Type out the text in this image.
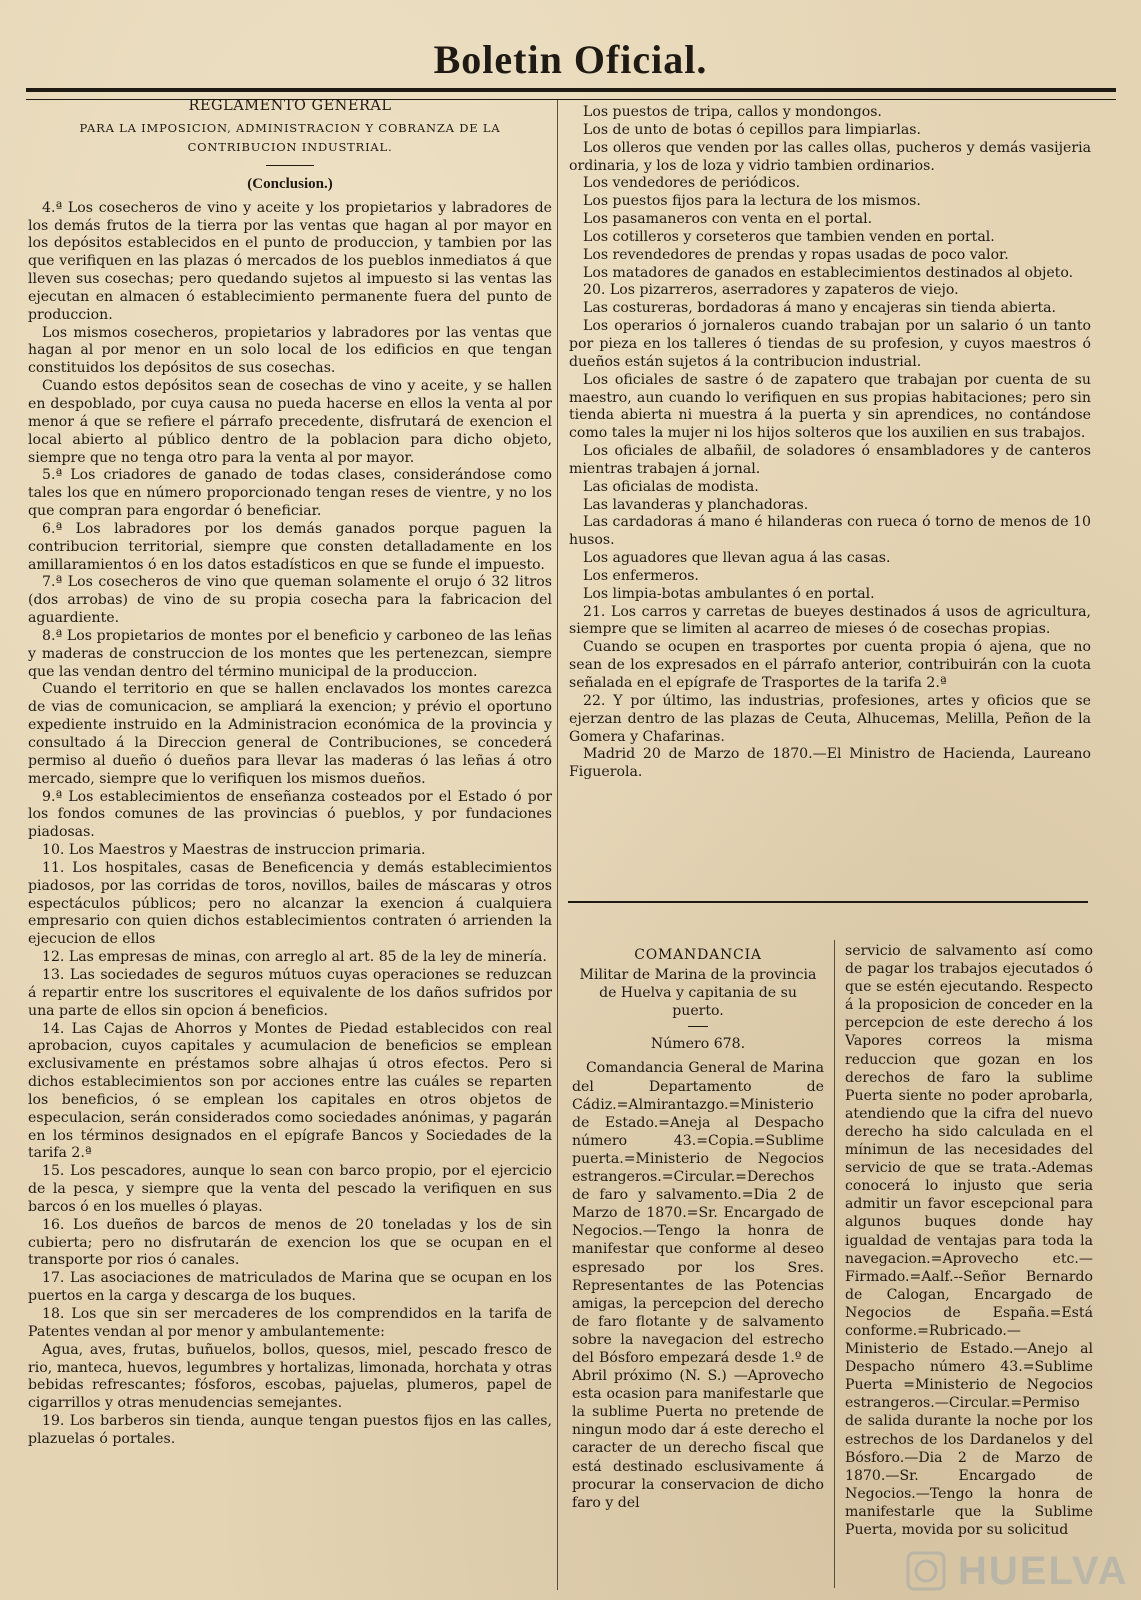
Boletin Oficial.
REGLAMENTO GENERAL
PARA LA IMPOSICION, ADMINISTRACION Y COBRANZA DE LA CONTRIBUCION INDUSTRIAL.
(Conclusion.)

4.ª Los cosecheros de vino y aceite y los propietarios y labradores de los demás frutos de la tierra por las ventas que hagan al por mayor en los depósitos establecidos en el punto de produccion, y tambien por las que verifiquen en las plazas ó mercados de los pueblos inmediatos á que lleven sus cosechas; pero quedando sujetos al impuesto si las ventas las ejecutan en almacen ó establecimiento permanente fuera del punto de produccion.

Los mismos cosecheros, propietarios y labradores por las ventas que hagan al por menor en un solo local de los edificios en que tengan constituidos los depósitos de sus cosechas.

Cuando estos depósitos sean de cosechas de vino y aceite, y se hallen en despoblado, por cuya causa no pueda hacerse en ellos la venta al por menor á que se refiere el párrafo precedente, disfrutará de exencion el local abierto al público dentro de la poblacion para dicho objeto, siempre que no tenga otro para la venta al por mayor.

5.ª Los criadores de ganado de todas clases, considerándose como tales los que en número proporcionado tengan reses de vientre, y no los que compran para engordar ó beneficiar.

6.ª Los labradores por los demás ganados porque paguen la contribucion territorial, siempre que consten detalladamente en los amillaramientos ó en los datos estadísticos en que se funde el impuesto.

7.ª Los cosecheros de vino que queman solamente el orujo ó 32 litros (dos arrobas) de vino de su propia cosecha para la fabricacion del aguardiente.

8.ª Los propietarios de montes por el beneficio y carboneo de las leñas y maderas de construccion de los montes que les pertenezcan, siempre que las vendan dentro del término municipal de la produccion.

Cuando el territorio en que se hallen enclavados los montes carezca de vias de comunicacion, se ampliará la exencion; y prévio el oportuno expediente instruido en la Administracion económica de la provincia y consultado á la Direccion general de Contribuciones, se concederá permiso al dueño ó dueños para llevar las maderas ó las leñas á otro mercado, siempre que lo verifiquen los mismos dueños.

9.ª Los establecimientos de enseñanza costeados por el Estado ó por los fondos comunes de las provincias ó pueblos, y por fundaciones piadosas.

10. Los Maestros y Maestras de instruccion primaria.

11. Los hospitales, casas de Beneficencia y demás establecimientos piadosos, por las corridas de toros, novillos, bailes de máscaras y otros espectáculos públicos; pero no alcanzar la exencion á cualquiera empresario con quien dichos establecimientos contraten ó arrienden la ejecucion de ellos

12. Las empresas de minas, con arreglo al art. 85 de la ley de minería.

13. Las sociedades de seguros mútuos cuyas operaciones se reduzcan á repartir entre los suscritores el equivalente de los daños sufridos por una parte de ellos sin opcion á beneficios.

14. Las Cajas de Ahorros y Montes de Piedad establecidos con real aprobacion, cuyos capitales y acumulacion de beneficios se emplean exclusivamente en préstamos sobre alhajas ú otros efectos. Pero si dichos establecimientos son por acciones entre las cuáles se reparten los beneficios, ó se emplean los capitales en otros objetos de especulacion, serán considerados como sociedades anónimas, y pagarán en los términos designados en el epígrafe Bancos y Sociedades de la tarifa 2.ª

15. Los pescadores, aunque lo sean con barco propio, por el ejercicio de la pesca, y siempre que la venta del pescado la verifiquen en sus barcos ó en los muelles ó playas.

16. Los dueños de barcos de menos de 20 toneladas y los de sin cubierta; pero no disfrutarán de exencion los que se ocupan en el transporte por rios ó canales.

17. Las asociaciones de matriculados de Marina que se ocupan en los puertos en la carga y descarga de los buques.

18. Los que sin ser mercaderes de los comprendidos en la tarifa de Patentes vendan al por menor y ambulantemente:

Agua, aves, frutas, buñuelos, bollos, quesos, miel, pescado fresco de rio, manteca, huevos, legumbres y hortalizas, limonada, horchata y otras bebidas refrescantes; fósforos, escobas, pajuelas, plumeros, papel de cigarrillos y otras menudencias semejantes.

19. Los barberos sin tienda, aunque tengan puestos fijos en las calles, plazuelas ó portales.

Los puestos de tripa, callos y mondongos.

Los de unto de botas ó cepillos para limpiarlas.

Los olleros que venden por las calles ollas, pucheros y demás vasijeria ordinaria, y los de loza y vidrio tambien ordinarios.

Los vendedores de periódicos.

Los puestos fijos para la lectura de los mismos.

Los pasamaneros con venta en el portal.

Los cotilleros y corseteros que tambien venden en portal.

Los revendedores de prendas y ropas usadas de poco valor.

Los matadores de ganados en establecimientos destinados al objeto.

20. Los pizarreros, aserradores y zapateros de viejo.

Las costureras, bordadoras á mano y encajeras sin tienda abierta.

Los operarios ó jornaleros cuando trabajan por un salario ó un tanto por pieza en los talleres ó tiendas de su profesion, y cuyos maestros ó dueños están sujetos á la contribucion industrial.

Los oficiales de sastre ó de zapatero que trabajan por cuenta de su maestro, aun cuando lo verifiquen en sus propias habitaciones; pero sin tienda abierta ni muestra á la puerta y sin aprendices, no contándose como tales la mujer ni los hijos solteros que los auxilien en sus trabajos.

Los oficiales de albañil, de soladores ó ensambladores y de canteros mientras trabajen á jornal.

Las oficialas de modista.

Las lavanderas y planchadoras.

Las cardadoras á mano é hilanderas con rueca ó torno de menos de 10 husos.

Los aguadores que llevan agua á las casas.

Los enfermeros.

Los limpia-botas ambulantes ó en portal.

21. Los carros y carretas de bueyes destinados á usos de agricultura, siempre que se limiten al acarreo de mieses ó de cosechas propias.

Cuando se ocupen en trasportes por cuenta propia ó ajena, que no sean de los expresados en el párrafo anterior, contribuirán con la cuota señalada en el epígrafe de Trasportes de la tarifa 2.ª

22. Y por último, las industrias, profesiones, artes y oficios que se ejerzan dentro de las plazas de Ceuta, Alhucemas, Melilla, Peñon de la Gomera y Chafarinas.

Madrid 20 de Marzo de 1870.—El Ministro de Hacienda, Laureano Figuerola.

COMANDANCIA
Militar de Marina de la provincia de Huelva y capitania de su puerto.
Número 678.

Comandancia General de Marina del Departamento de Cádiz.=Almirantazgo.=Ministerio de Estado.=Aneja al Despacho número 43.=Copia.=Sublime puerta.=Ministerio de Negocios estrangeros.=Circular.=Derechos de faro y salvamento.=Dia 2 de Marzo de 1870.=Sr. Encargado de Negocios.—Tengo la honra de manifestar que conforme al deseo espresado por los Sres. Representantes de las Potencias amigas, la percepcion del derecho de faro flotante y de salvamento sobre la navegacion del estrecho del Bósforo empezará desde 1.º de Abril próximo (N. S.) —Aprovecho esta ocasion para manifestarle que la sublime Puerta no pretende de ningun modo dar á este derecho el caracter de un derecho fiscal que está destinado esclusivamente á procurar la conservacion de dicho faro y del

servicio de salvamento así como de pagar los trabajos ejecutados ó que se estén ejecutando. Respecto á la proposicion de conceder en la percepcion de este derecho á los Vapores correos la misma reduccion que gozan en los derechos de faro la sublime Puerta siente no poder aprobarla, atendiendo que la cifra del nuevo derecho ha sido calculada en el mínimun de las necesidades del servicio de que se trata.-Ademas conocerá lo injusto que seria admitir un favor escepcional para algunos buques donde hay igualdad de ventajas para toda la navegacion.=Aprovecho etc.—Firmado.=Aalf.--Señor Bernardo de Calogan, Encargado de Negocios de España.=Está conforme.=Rubricado.—Ministerio de Estado.—Anejo al Despacho número 43.=Sublime Puerta =Ministerio de Negocios estrangeros.—Circular.=Permiso de salida durante la noche por los estrechos de los Dardanelos y del Bósforo.—Dia 2 de Marzo de 1870.—Sr. Encargado de Negocios.—Tengo la honra de manifestarle que la Sublime Puerta, movida por su solicitud

HUELVA
